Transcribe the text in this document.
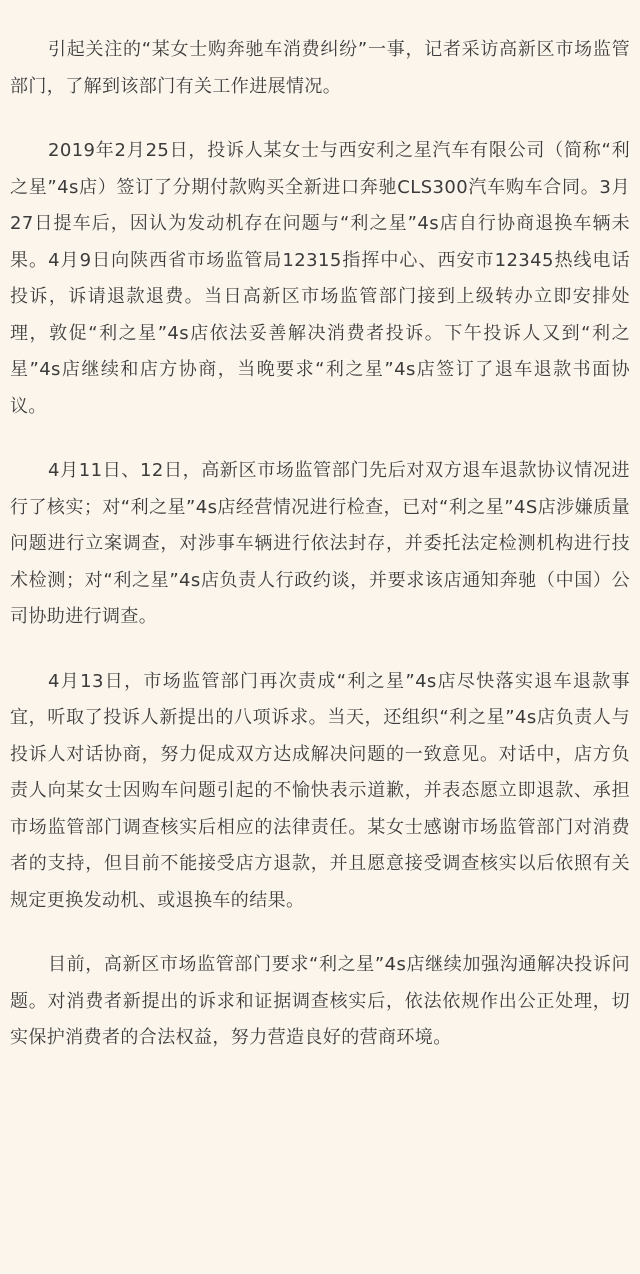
引起关注的“某女士购奔驰车消费纠纷”一事，记者采访高新区市场监管部门，了解到该部门有关工作进展情况。

2019年2月25日，投诉人某女士与西安利之星汽车有限公司（简称“利之星”4s店）签订了分期付款购买全新进口奔驰CLS300汽车购车合同。3月27日提车后，因认为发动机存在问题与“利之星”4s店自行协商退换车辆未果。4月9日向陕西省市场监管局12315指挥中心、西安市12345热线电话投诉，诉请退款退费。当日高新区市场监管部门接到上级转办立即安排处理，敦促“利之星”4s店依法妥善解决消费者投诉。下午投诉人又到“利之星”4s店继续和店方协商，当晚要求“利之星”4s店签订了退车退款书面协议。

4月11日、12日，高新区市场监管部门先后对双方退车退款协议情况进行了核实；对“利之星”4s店经营情况进行检查，已对“利之星”4S店涉嫌质量问题进行立案调查，对涉事车辆进行依法封存，并委托法定检测机构进行技术检测；对“利之星”4s店负责人行政约谈，并要求该店通知奔驰（中国）公司协助进行调查。

4月13日，市场监管部门再次责成“利之星”4s店尽快落实退车退款事宜，听取了投诉人新提出的八项诉求。当天，还组织“利之星”4s店负责人与投诉人对话协商，努力促成双方达成解决问题的一致意见。对话中，店方负责人向某女士因购车问题引起的不愉快表示道歉，并表态愿立即退款、承担市场监管部门调查核实后相应的法律责任。某女士感谢市场监管部门对消费者的支持，但目前不能接受店方退款，并且愿意接受调查核实以后依照有关规定更换发动机、或退换车的结果。

目前，高新区市场监管部门要求“利之星”4s店继续加强沟通解决投诉问题。对消费者新提出的诉求和证据调查核实后，依法依规作出公正处理，切实保护消费者的合法权益，努力营造良好的营商环境。
